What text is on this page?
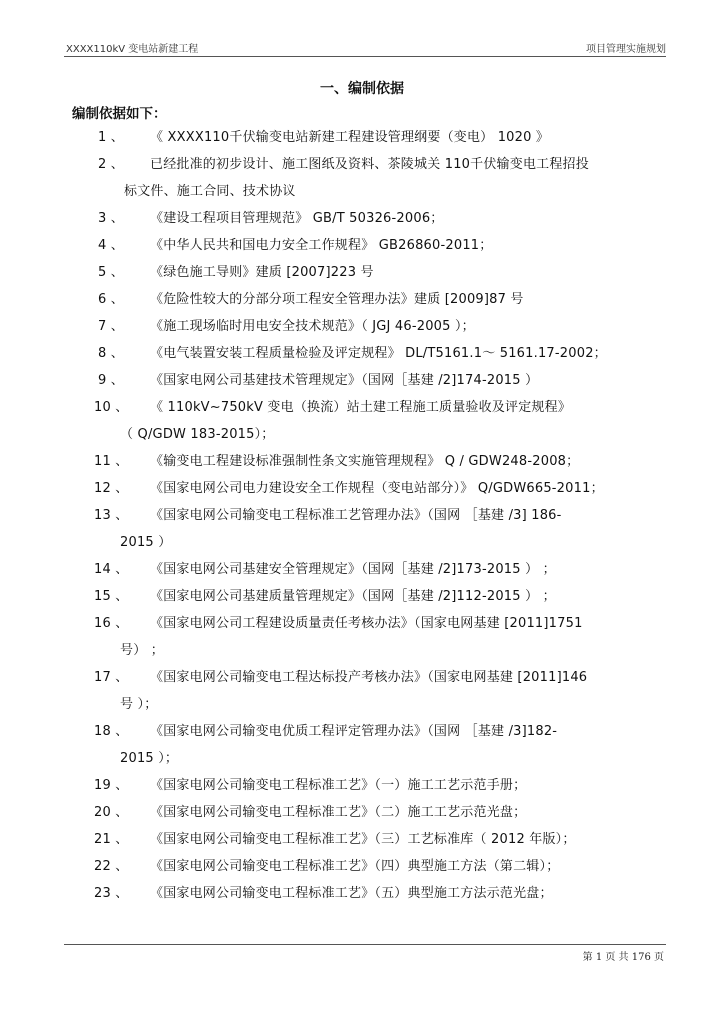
XXXX110kV 变电站新建工程	项目管理实施规划
一、编制依据
编制依据如下：
1 、 《 XXXX110千伏输变电站新建工程建设管理纲要（变电） 1020 》
2 、 已经批准的初步设计、施工图纸及资料、茶陵城关 110千伏输变电工程招投
标文件、施工合同、技术协议
3 、 《建设工程项目管理规范》 GB/T 50326-2006；
4 、 《中华人民共和国电力安全工作规程》 GB26860-2011；
5 、 《绿色施工导则》建质 [2007]223 号
6 、 《危险性较大的分部分项工程安全管理办法》建质 [2009]87 号
7 、 《施工现场临时用电安全技术规范》（ JGJ 46-2005 ）；
8 、 《电气装置安装工程质量检验及评定规程》 DL/T5161.1～ 5161.17-2002；
9 、 《国家电网公司基建技术管理规定》（国网［基建 /2]174-2015 ）
10 、 《 110kV~750kV 变电（换流）站土建工程施工质量验收及评定规程》
（ Q/GDW 183-2015）；
11 、 《输变电工程建设标准强制性条文实施管理规程》 Q / GDW248-2008；
12 、 《国家电网公司电力建设安全工作规程（变电站部分）》 Q/GDW665-2011；
13 、 《国家电网公司输变电工程标准工艺管理办法》（国网 ［基建 /3] 186-
2015 ）
14 、 《国家电网公司基建安全管理规定》（国网［基建 /2]173-2015 ） ；
15 、 《国家电网公司基建质量管理规定》（国网［基建 /2]112-2015 ） ；
16 、 《国家电网公司工程建设质量责任考核办法》（国家电网基建 [2011]1751
号） ；
17 、 《国家电网公司输变电工程达标投产考核办法》（国家电网基建 [2011]146
号 ）；
18 、 《国家电网公司输变电优质工程评定管理办法》（国网 ［基建 /3]182-
2015 ）；
19 、 《国家电网公司输变电工程标准工艺》（一）施工工艺示范手册；
20 、 《国家电网公司输变电工程标准工艺》（二）施工工艺示范光盘；
21 、 《国家电网公司输变电工程标准工艺》（三）工艺标准库（ 2012 年版）；
22 、 《国家电网公司输变电工程标准工艺》（四）典型施工方法（第二辑）；
23 、 《国家电网公司输变电工程标准工艺》（五）典型施工方法示范光盘；
第 1 页 共 176 页
